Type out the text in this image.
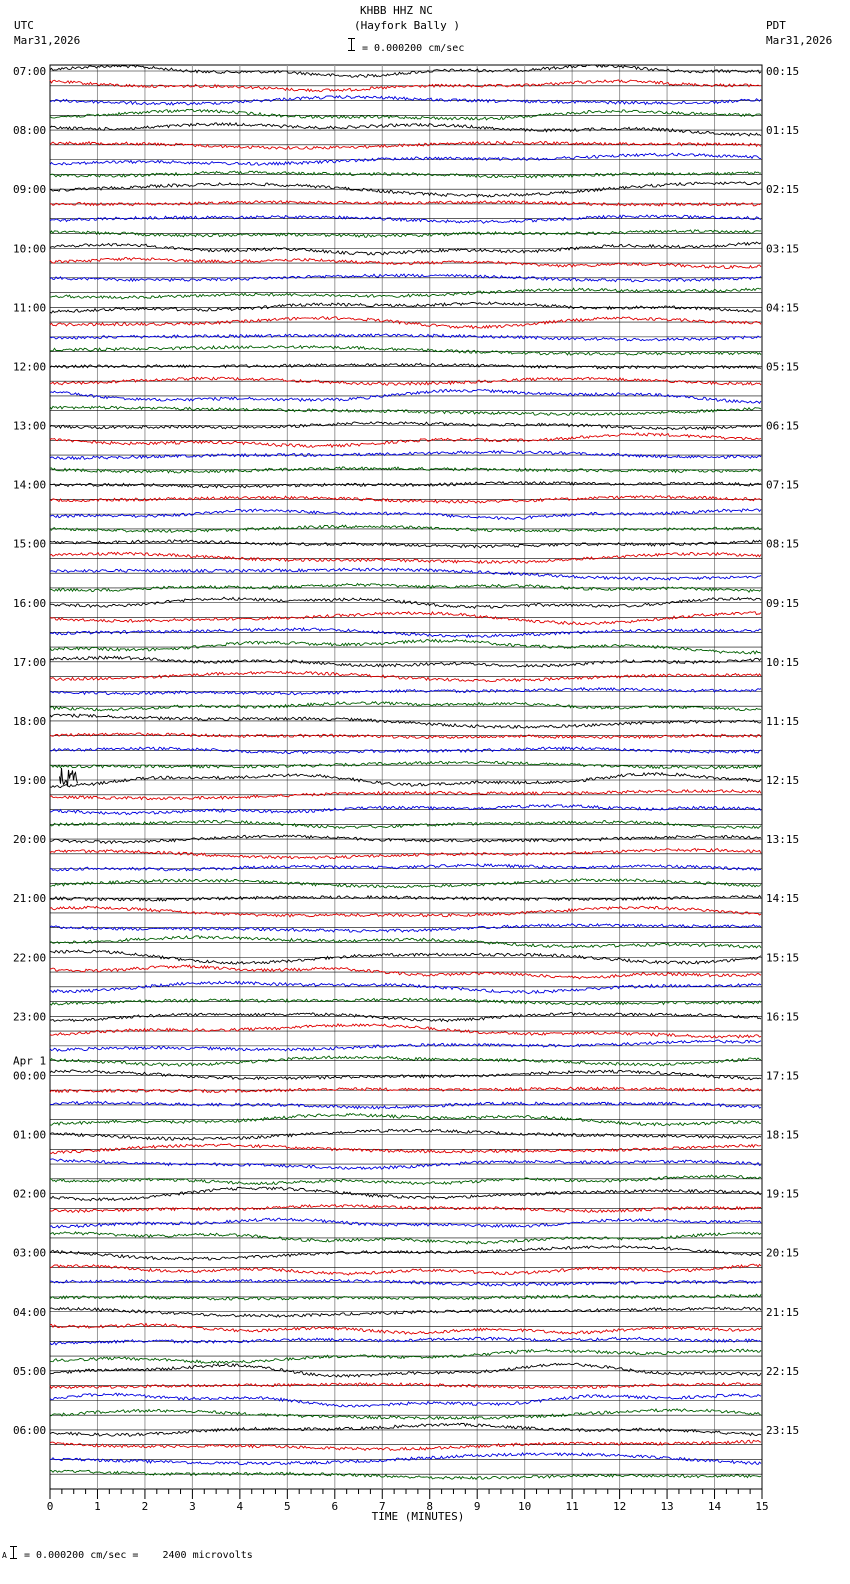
KHBB HHZ NC
(Hayfork Bally )
= 0.000200 cm/sec
UTC
Mar31,2026
PDT
Mar31,2026
07:00
08:00
09:00
10:00
11:00
12:00
13:00
14:00
15:00
16:00
17:00
18:00
19:00
20:00
21:00
22:00
23:00
00:00
Apr 1
01:00
02:00
03:00
04:00
05:00
06:00
00:15
01:15
02:15
03:15
04:15
05:15
06:15
07:15
08:15
09:15
10:15
11:15
12:15
13:15
14:15
15:15
16:15
17:15
18:15
19:15
20:15
21:15
22:15
23:15
0	1	2	3	4	5	6	7	8	9	10	11	12	13	14	15
TIME (MINUTES)
A = 0.000200 cm/sec =    2400 microvolts
